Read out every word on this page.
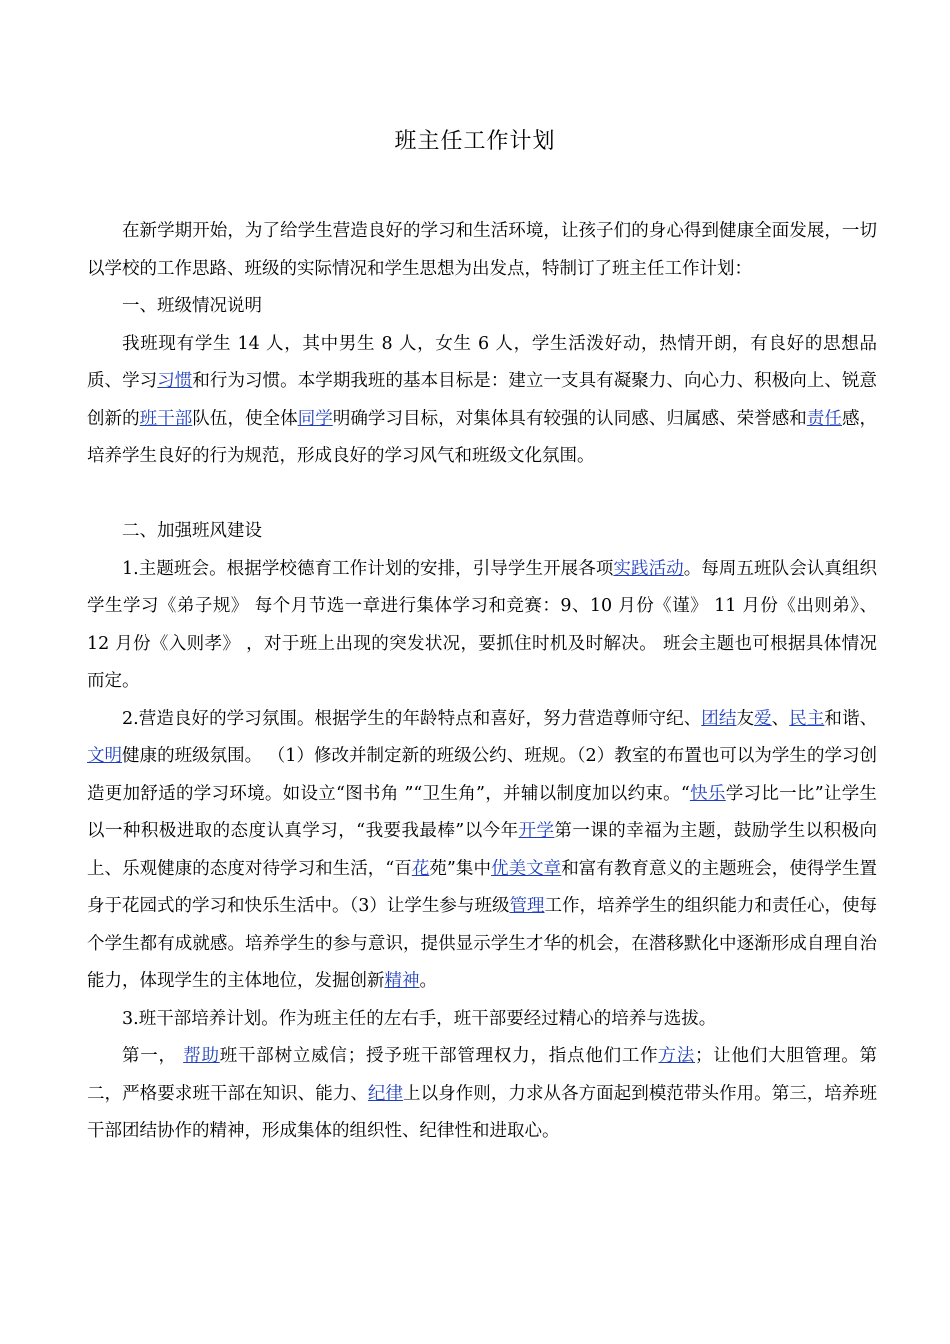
班主任工作计划

在新学期开始，为了给学生营造良好的学习和生活环境，让孩子们的身心得到健康全面发展，一切以学校的工作思路、班级的实际情况和学生思想为出发点，特制订了班主任工作计划：

一、班级情况说明

我班现有学生 14 人，其中男生 8 人，女生 6 人，学生活泼好动，热情开朗，有良好的思想品质、学习习惯和行为习惯。本学期我班的基本目标是：建立一支具有凝聚力、向心力、积极向上、锐意创新的班干部队伍，使全体同学明确学习目标，对集体具有较强的认同感、归属感、荣誉感和责任感，培养学生良好的行为规范，形成良好的学习风气和班级文化氛围。

二、加强班风建设

1.主题班会。根据学校德育工作计划的安排，引导学生开展各项实践活动。每周五班队会认真组织学生学习《弟子规》 每个月节选一章进行集体学习和竞赛：9、10 月份《谨》 11 月份《出则弟》、12 月份《入则孝》 ，对于班上出现的突发状况，要抓住时机及时解决。 班会主题也可根据具体情况而定。

2.营造良好的学习氛围。根据学生的年龄特点和喜好，努力营造尊师守纪、团结友爱、民主和谐、文明健康的班级氛围。 （1）修改并制定新的班级公约、班规。（2）教室的布置也可以为学生的学习创造更加舒适的学习环境。如设立“图书角 ”“卫生角”，并辅以制度加以约束。“快乐学习比一比”让学生以一种积极进取的态度认真学习，“我要我最棒”以今年开学第一课的幸福为主题，鼓励学生以积极向上、乐观健康的态度对待学习和生活，“百花苑”集中优美文章和富有教育意义的主题班会，使得学生置身于花园式的学习和快乐生活中。（3）让学生参与班级管理工作，培养学生的组织能力和责任心，使每个学生都有成就感。培养学生的参与意识，提供显示学生才华的机会，在潜移默化中逐渐形成自理自治能力，体现学生的主体地位，发掘创新精神。

3.班干部培养计划。作为班主任的左右手，班干部要经过精心的培养与选拔。

第一， 帮助班干部树立威信；授予班干部管理权力，指点他们工作方法；让他们大胆管理。第二，严格要求班干部在知识、能力、纪律上以身作则，力求从各方面起到模范带头作用。第三，培养班干部团结协作的精神，形成集体的组织性、纪律性和进取心。
